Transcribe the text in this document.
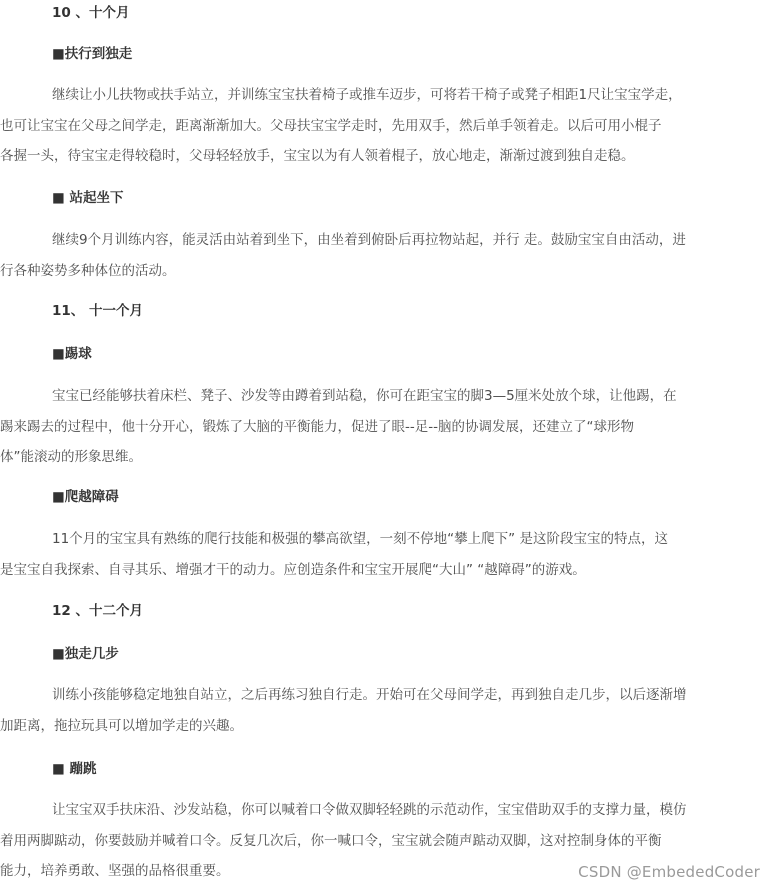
10 、十个月
■扶行到独走
继续让小儿扶物或扶手站立，并训练宝宝扶着椅子或推车迈步，可将若干椅子或凳子相距1尺让宝宝学走，
也可让宝宝在父母之间学走，距离渐渐加大。父母扶宝宝学走时，先用双手，然后单手领着走。以后可用小棍子
各握一头，待宝宝走得较稳时，父母轻轻放手，宝宝以为有人领着棍子，放心地走，渐渐过渡到独自走稳。
■ 站起坐下
继续9个月训练内容，能灵活由站着到坐下，由坐着到俯卧后再拉物站起，并行 走。鼓励宝宝自由活动，进
行各种姿势多种体位的活动。
11、 十一个月
■踢球
宝宝已经能够扶着床栏、凳子、沙发等由蹲着到站稳，你可在距宝宝的脚3—5厘米处放个球，让他踢，在
踢来踢去的过程中，他十分开心，锻炼了大脑的平衡能力，促进了眼--足--脑的协调发展，还建立了“球形物
体”能滚动的形象思维。
■爬越障碍
11个月的宝宝具有熟练的爬行技能和极强的攀高欲望，一刻不停地“攀上爬下” 是这阶段宝宝的特点，这
是宝宝自我探索、自寻其乐、增强才干的动力。应创造条件和宝宝开展爬“大山” “越障碍”的游戏。
12 、十二个月
■独走几步
训练小孩能够稳定地独自站立，之后再练习独自行走。开始可在父母间学走，再到独自走几步，以后逐渐增
加距离，拖拉玩具可以增加学走的兴趣。
■ 蹦跳
让宝宝双手扶床沿、沙发站稳，你可以喊着口令做双脚轻轻跳的示范动作，宝宝借助双手的支撑力量，模仿
着用两脚踮动，你要鼓励并喊着口令。反复几次后，你一喊口令，宝宝就会随声踮动双脚，这对控制身体的平衡
能力，培养勇敢、坚强的品格很重要。	CSDN @EmbededCoder
